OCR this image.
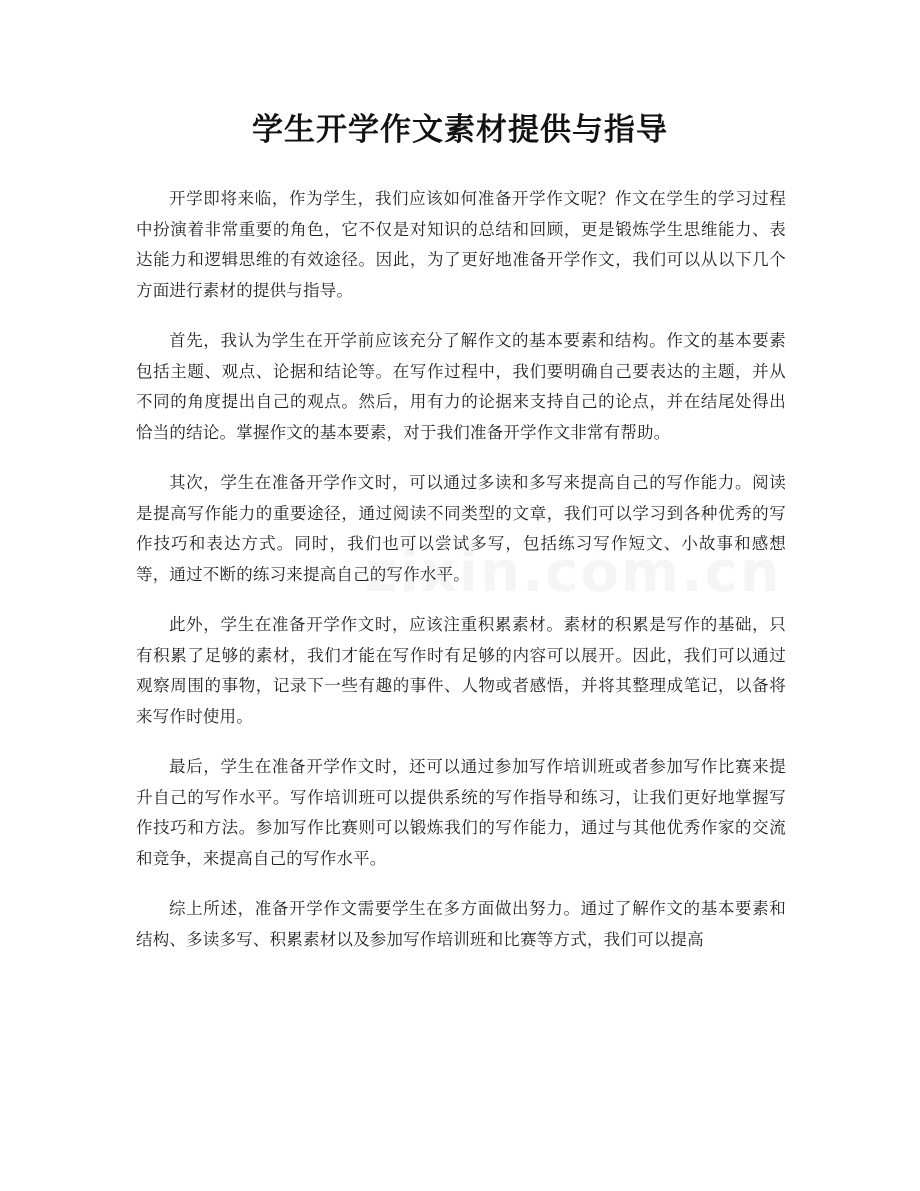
学生开学作文素材提供与指导

开学即将来临，作为学生，我们应该如何准备开学作文呢？作文在学生的学习过程中扮演着非常重要的角色，它不仅是对知识的总结和回顾，更是锻炼学生思维能力、表达能力和逻辑思维的有效途径。因此，为了更好地准备开学作文，我们可以从以下几个方面进行素材的提供与指导。

首先，我认为学生在开学前应该充分了解作文的基本要素和结构。作文的基本要素包括主题、观点、论据和结论等。在写作过程中，我们要明确自己要表达的主题，并从不同的角度提出自己的观点。然后，用有力的论据来支持自己的论点，并在结尾处得出恰当的结论。掌握作文的基本要素，对于我们准备开学作文非常有帮助。

其次，学生在准备开学作文时，可以通过多读和多写来提高自己的写作能力。阅读是提高写作能力的重要途径，通过阅读不同类型的文章，我们可以学习到各种优秀的写作技巧和表达方式。同时，我们也可以尝试多写，包括练习写作短文、小故事和感想等，通过不断的练习来提高自己的写作水平。

此外，学生在准备开学作文时，应该注重积累素材。素材的积累是写作的基础，只有积累了足够的素材，我们才能在写作时有足够的内容可以展开。因此，我们可以通过观察周围的事物，记录下一些有趣的事件、人物或者感悟，并将其整理成笔记，以备将来写作时使用。

最后，学生在准备开学作文时，还可以通过参加写作培训班或者参加写作比赛来提升自己的写作水平。写作培训班可以提供系统的写作指导和练习，让我们更好地掌握写作技巧和方法。参加写作比赛则可以锻炼我们的写作能力，通过与其他优秀作家的交流和竞争，来提高自己的写作水平。

综上所述，准备开学作文需要学生在多方面做出努力。通过了解作文的基本要素和结构、多读多写、积累素材以及参加写作培训班和比赛等方式，我们可以提高
